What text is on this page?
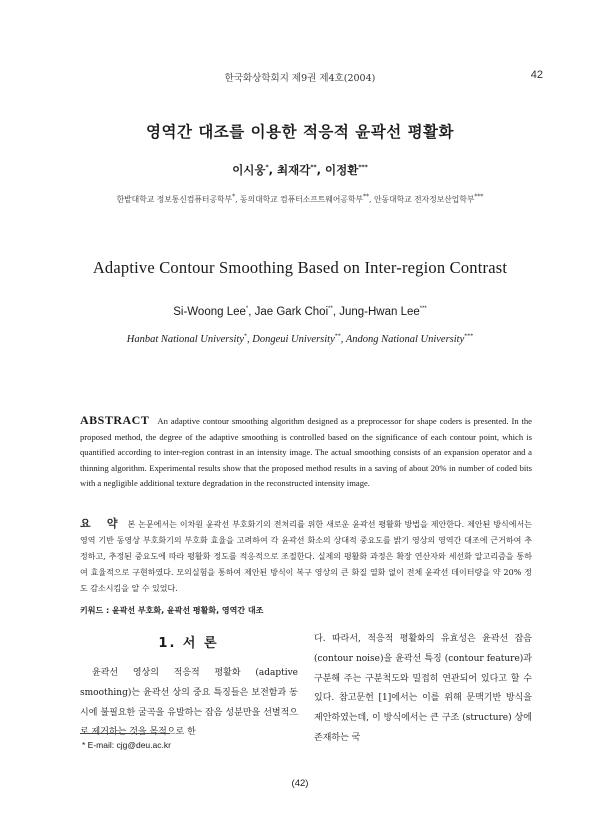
한국화상학회지 제9권 제4호(2004)	42
영역간 대조를 이용한 적응적 윤곽선 평활화
이시웅*, 최재각**, 이정환***
한밭대학교 정보통신컴퓨터공학부*, 동의대학교 컴퓨터소프트웨어공학부**, 안동대학교 전자정보산업학부***
Adaptive Contour Smoothing Based on Inter-region Contrast
Si-Woong Lee*, Jae Gark Choi**, Jung-Hwan Lee***
Hanbat National University*, Dongeui University**, Andong National University***
ABSTRACT An adaptive contour smoothing algorithm designed as a preprocessor for shape coders is presented. In the proposed method, the degree of the adaptive smoothing is controlled based on the significance of each contour point, which is quantified according to inter-region contrast in an intensity image. The actual smoothing consists of an expansion operator and a thinning algorithm. Experimental results show that the proposed method results in a saving of about 20% in number of coded bits with a negligible additional texture degradation in the reconstructed intensity image.
요 약 본 논문에서는 이차원 윤곽선 부호화기의 전처리를 위한 새로운 윤곽선 평활화 방법을 제안한다. 제안된 방식에서는 영역 기반 동영상 부호화기의 부호화 효율을 고려하여 각 윤곽선 화소의 상대적 중요도를 밝기 영상의 영역간 대조에 근거하여 추정하고, 추정된 중요도에 따라 평활화 정도를 적응적으로 조절한다. 실제의 평활화 과정은 확장 연산자와 세선화 알고리즘을 통하여 효율적으로 구현하였다. 모의실험을 통하여 제안된 방식이 복구 영상의 큰 화질 열화 없이 전체 윤곽선 데이터량을 약 20% 정도 감소시킴을 알 수 있었다.
키워드 : 윤곽선 부호화, 윤곽선 평활화, 영역간 대조
1. 서 론
윤곽선 영상의 적응적 평활화 (adaptive smoothing)는 윤곽선 상의 중요 특징들은 보전함과 동시에 불필요한 굴곡을 유발하는 잡음 성분만을 선별적으로 제거하는 것을 목적으로 한
다. 따라서, 적응적 평활화의 유효성은 윤곽선 잡음 (contour noise)을 윤곽선 특징 (contour feature)과 구분해 주는 구분척도와 밀접히 연관되어 있다고 할 수 있다. 참고문헌 [1]에서는 이를 위해 문맥기반 방식을 제안하였는데, 이 방식에서는 큰 구조 (structure) 상에 존재하는 국
* E-mail: cjg@deu.ac.kr
(42)
